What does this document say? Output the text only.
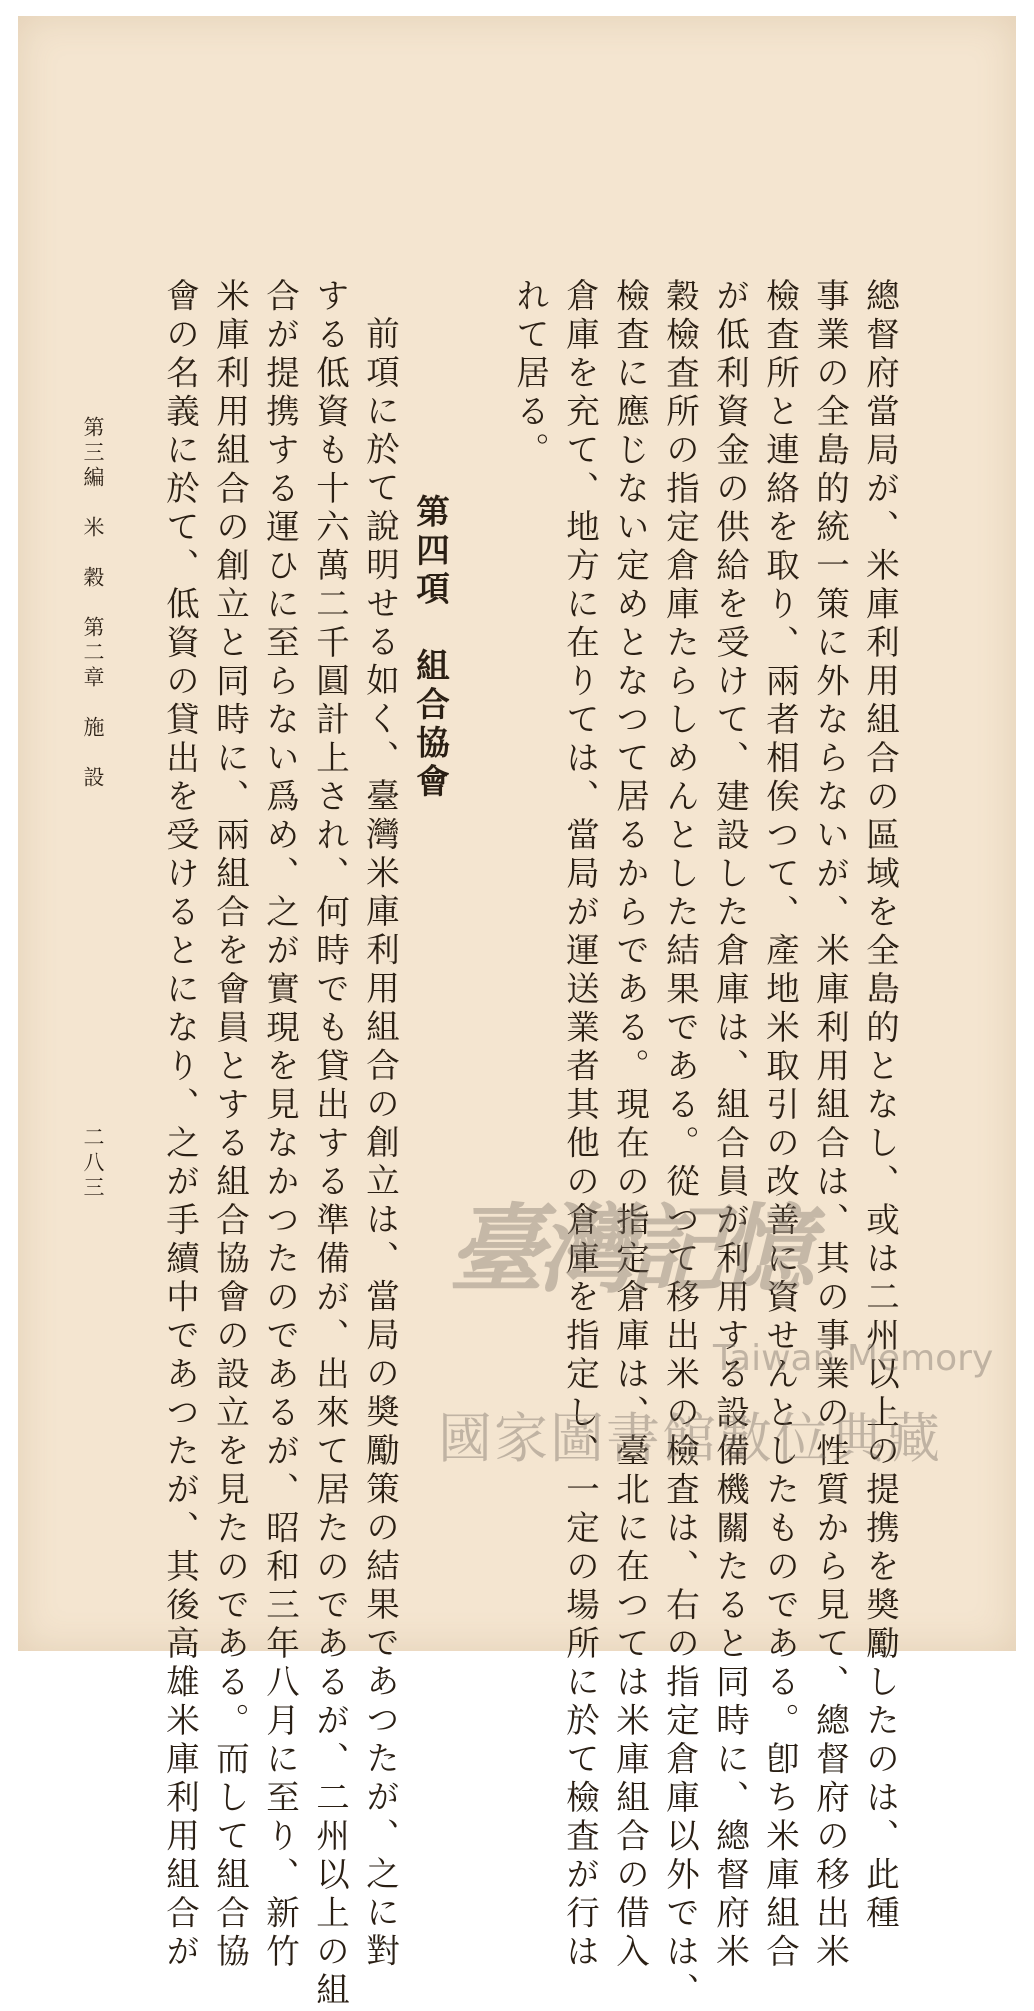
總督府當局が、米庫利用組合の區域を全島的となし、或は二州以上の提携を奬勵したのは、此種
事業の全島的統一策に外ならないが、米庫利用組合は、其の事業の性質から見て、總督府の移出米
檢査所と連絡を取り、兩者相俟つて、產地米取引の改善に資せんとしたものである。卽ち米庫組合
が低利資金の供給を受けて、建設した倉庫は、組合員が利用する設備機關たると同時に、總督府米
穀檢査所の指定倉庫たらしめんとした結果である。從つて移出米の檢査は、右の指定倉庫以外では、
檢査に應じない定めとなつて居るからである。現在の指定倉庫は、臺北に在つては米庫組合の借入
倉庫を充て、地方に在りては、當局が運送業者其他の倉庫を指定し、一定の場所に於て檢査が行は
れて居る。
第四項　組合協會
前項に於て說明せる如く、臺灣米庫利用組合の創立は、當局の奬勵策の結果であつたが、之に對
する低資も十六萬二千圓計上され、何時でも貸出する準備が、出來て居たのであるが、二州以上の組
合が提携する運ひに至らない爲め、之が實現を見なかつたのであるが、昭和三年八月に至り、新竹
米庫利用組合の創立と同時に、兩組合を會員とする組合協會の設立を見たのである。而して組合協
會の名義に於て、低資の貸出を受けるとになり、之が手續中であつたが、其後高雄米庫利用組合が
第三編　米　穀　第二章　施　設
二八三
臺灣記憶
Taiwan Memory
國家圖書館數位典藏
